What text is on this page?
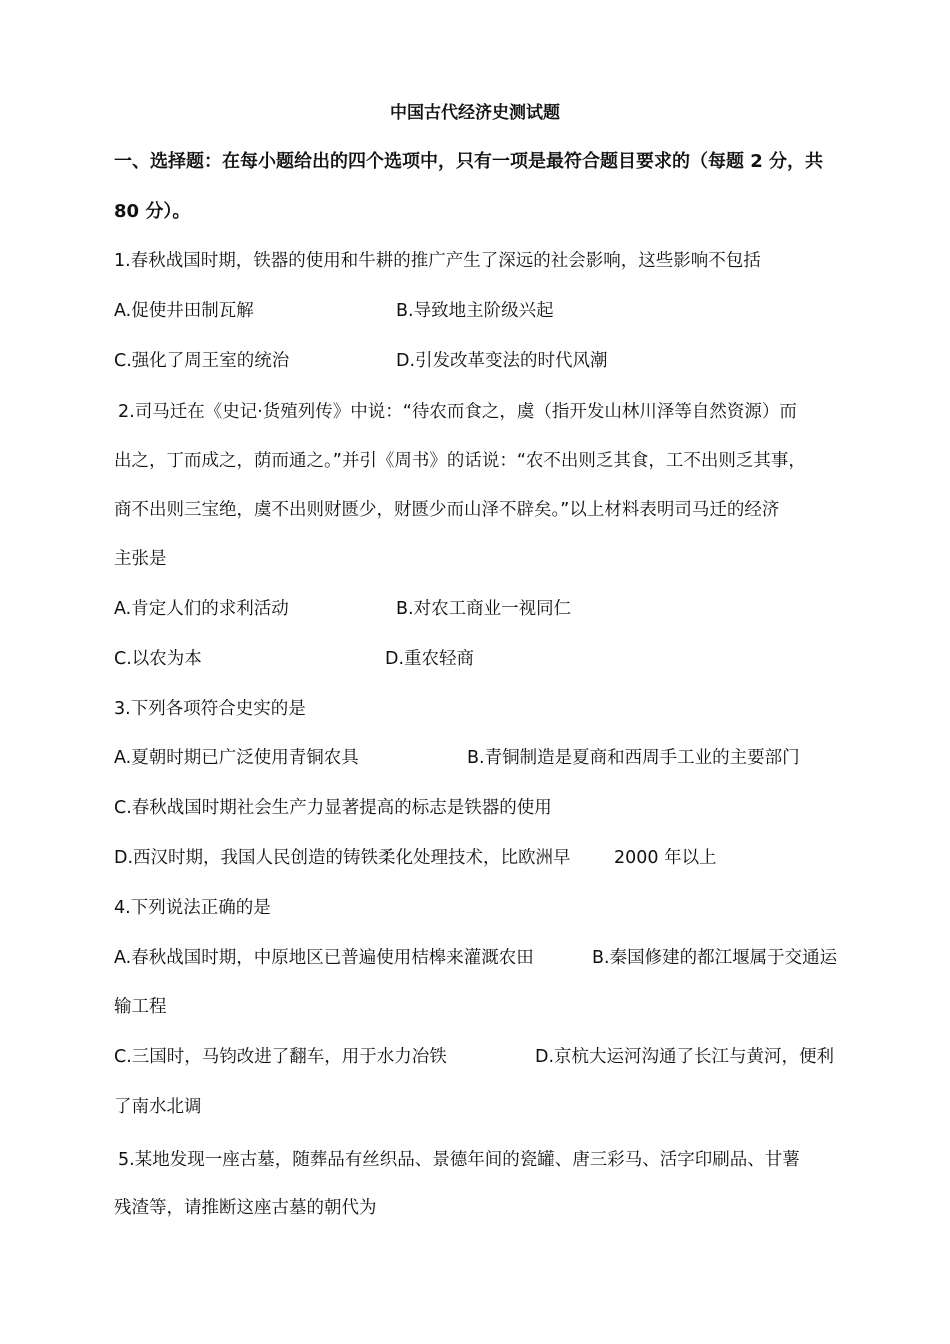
中国古代经济史测试题
一、选择题：在每小题给出的四个选项中，只有一项是最符合题目要求的（每题 2 分，共
80 分）。
1.春秋战国时期，铁器的使用和牛耕的推广产生了深远的社会影响，这些影响不包括
A.促使井田制瓦解	B.导致地主阶级兴起
C.强化了周王室的统治	D.引发改革变法的时代风潮
2.司马迁在《史记·货殖列传》中说：“待农而食之，虞（指开发山林川泽等自然资源）而
出之，丁而成之，荫而通之。”并引《周书》的话说：“农不出则乏其食，工不出则乏其事，
商不出则三宝绝，虞不出则财匮少，财匮少而山泽不辟矣。”以上材料表明司马迁的经济
主张是
A.肯定人们的求利活动	B.对农工商业一视同仁
C.以农为本	D.重农轻商
3.下列各项符合史实的是
A.夏朝时期已广泛使用青铜农具	B.青铜制造是夏商和西周手工业的主要部门
C.春秋战国时期社会生产力显著提高的标志是铁器的使用
D.西汉时期，我国人民创造的铸铁柔化处理技术，比欧洲早 2000 年以上
4.下列说法正确的是
A.春秋战国时期，中原地区已普遍使用桔槔来灌溉农田	B.秦国修建的都江堰属于交通运
输工程
C.三国时，马钧改进了翻车，用于水力冶铁	D.京杭大运河沟通了长江与黄河，便利
了南水北调
5.某地发现一座古墓，随葬品有丝织品、景德年间的瓷罐、唐三彩马、活字印刷品、甘薯
残渣等，请推断这座古墓的朝代为
